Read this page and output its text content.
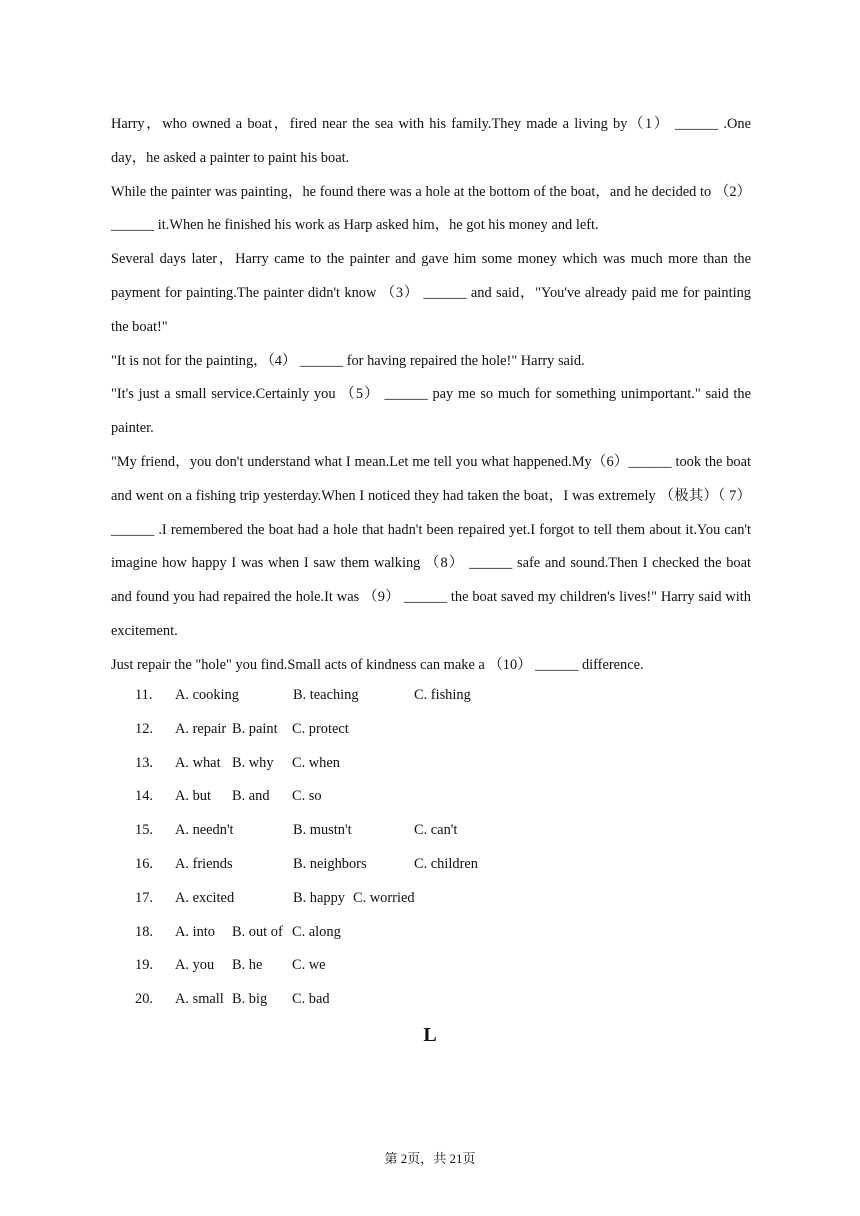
Harry，who owned a boat，fired near the sea with his family.They made a living by（1） ______ .One day，he asked a painter to paint his boat.

While the painter was painting，he found there was a hole at the bottom of the boat，and he decided to （2） ______ it.When he finished his work as Harp asked him，he got his money and left.

Several days later，Harry came to the painter and gave him some money which was much more than the payment for painting.The painter didn't know （3） ______ and said，"You've already paid me for painting the boat!"

"It is not for the painting，（4） ______ for having repaired the hole!" Harry said.

"It's just a small service.Certainly you （5） ______ pay me so much for something unimportant." said the painter.

"My friend，you don't understand what I mean.Let me tell you what happened.My（6）______ took the boat and went on a fishing trip yesterday.When I noticed they had taken the boat，I was extremely （极其）（ 7） ______ .I remembered the boat had a hole that hadn't been repaired yet.I forgot to tell them about it.You can't imagine how happy I was when I saw them walking （8） ______ safe and sound.Then I checked the boat and found you had repaired the hole.It was （9） ______ the boat saved my children's lives!" Harry said with excitement.

Just repair the "hole" you find.Small acts of kindness can make a （10） ______ difference.

11. A. cooking	B. teaching	C. fishing
12. A. repair B. paint C. protect
13. A. what B. why C. when
14. A. but B. and C. so
15. A. needn't	B. mustn't	C. can't
16. A. friends	B. neighbors	C. children
17. A. excited	B. happy C. worried
18. A. into B. out of C. along
19. A. you B. he C. we
20. A. small B. big C. bad
L
第 2页，共 21页
